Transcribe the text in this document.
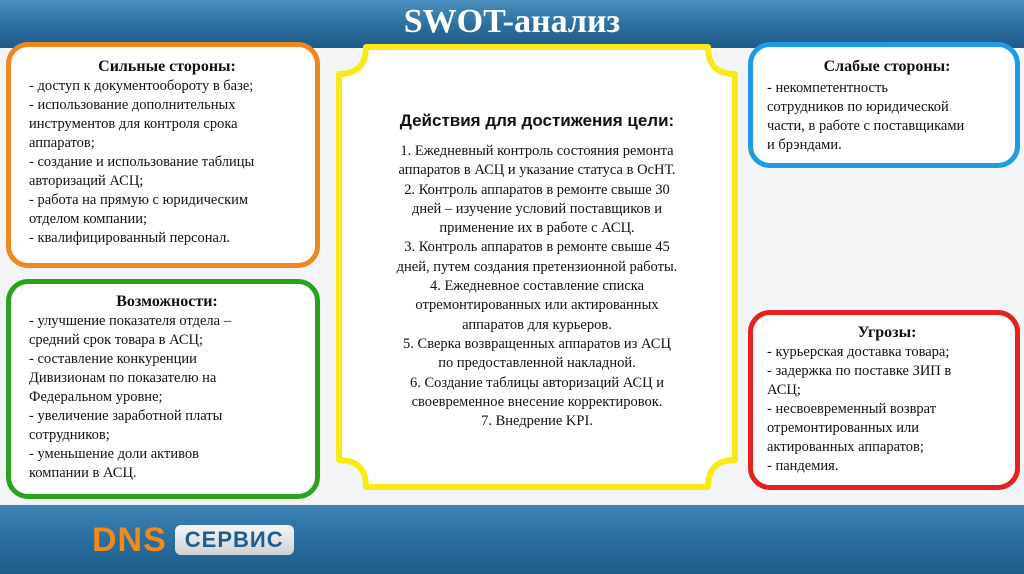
SWOT-анализ
Сильные стороны:
- доступ к документообороту в базе;
- использование дополнительных
инструментов для контроля срока
аппаратов;
- создание и использование таблицы
авторизаций АСЦ;
- работа на прямую с юридическим
отделом компании;
- квалифицированный персонал.
Возможности:
- улучшение показателя отдела –
средний срок товара в АСЦ;
- составление конкуренции
Дивизионам по показателю на
Федеральном уровне;
- увеличение заработной платы
сотрудников;
- уменьшение доли активов
компании в АСЦ.
Слабые стороны:
- некомпетентность
сотрудников по юридической
части, в работе с поставщиками
и брэндами.
Угрозы:
- курьерская доставка товара;
- задержка по поставке ЗИП в
АСЦ;
- несвоевременный возврат
отремонтированных или
актированных аппаратов;
- пандемия.
Действия для достижения цели:
1. Ежедневный контроль состояния ремонта
аппаратов в АСЦ и указание статуса в ОсНТ.
2. Контроль аппаратов в ремонте свыше 30
дней – изучение условий поставщиков и
применение их в работе с АСЦ.
3. Контроль аппаратов в ремонте свыше 45
дней, путем создания претензионной работы.
4. Ежедневное составление списка
отремонтированных или актированных
аппаратов для курьеров.
5. Сверка возвращенных аппаратов из АСЦ
по предоставленной накладной.
6. Создание таблицы авторизаций АСЦ и
своевременное внесение корректировок.
7. Внедрение KPI.
DNS СЕРВИС
